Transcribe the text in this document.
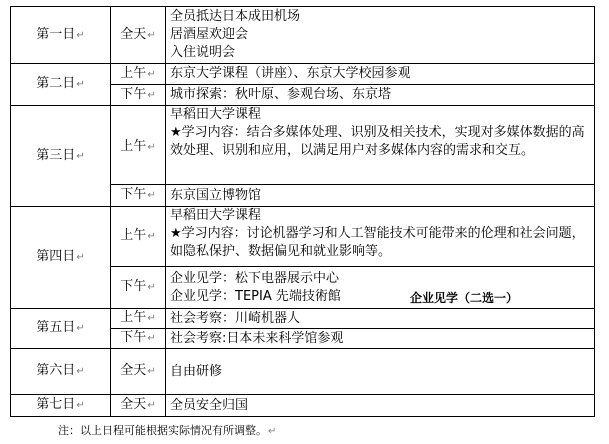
第一日↵	全天↵	全员抵达日本成田机场
居酒屋欢迎会
入住说明会

第二日↵	上午↵	东京大学课程（讲座）、东京大学校园参观

	下午↵	城市探索：秋叶原、参观台场、东京塔

第三日↵	上午↵	早稻田大学课程
★学习内容：结合多媒体处理、识别及相关技术，实现对多媒体数据的高效处理、识别和应用，以满足用户对多媒体内容的需求和交互。

	下午↵	东京国立博物馆

第四日↵	上午↵	早稻田大学课程
★学习内容：讨论机器学习和人工智能技术可能带来的伦理和社会问题，如隐私保护、数据偏见和就业影响等。

	下午↵	企业见学：松下电器展示中心
企业见学：TEPIA 先端技術館 企业见学（二选一）

第五日↵	上午↵	社会考察：川崎机器人

	下午↵	社会考察:日本未来科学馆参观

第六日↵	全天↵	自由研修

第七日↵	全天↵	全员安全归国
注：以上日程可能根据实际情况有所调整。↵
